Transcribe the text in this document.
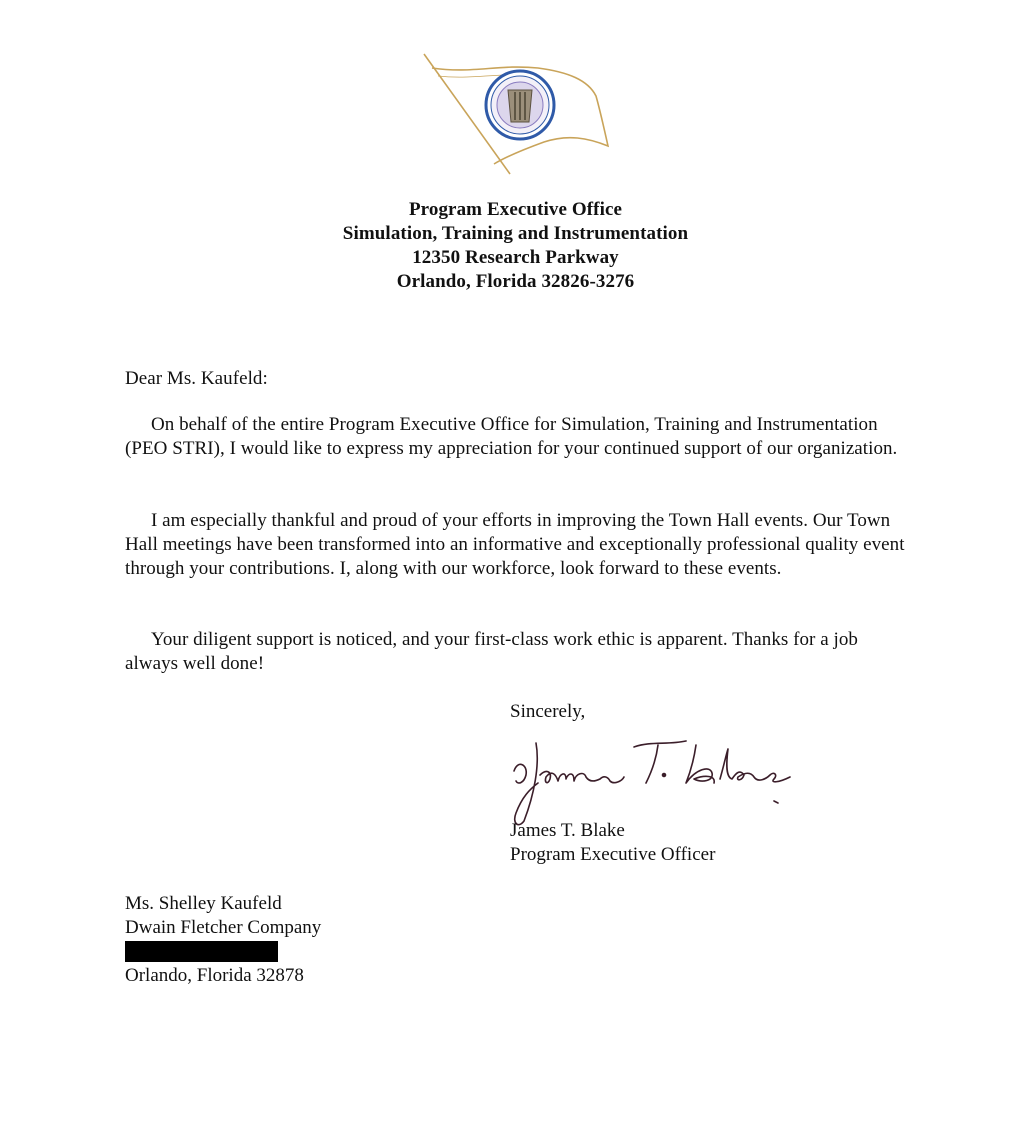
Program Executive Office
Simulation, Training and Instrumentation
12350 Research Parkway
Orlando, Florida 32826-3276
Dear Ms. Kaufeld:

On behalf of the entire Program Executive Office for Simulation, Training and Instrumentation (PEO STRI), I would like to express my appreciation for your continued support of our organization.

I am especially thankful and proud of your efforts in improving the Town Hall events. Our Town Hall meetings have been transformed into an informative and exceptionally professional quality event through your contributions. I, along with our workforce, look forward to these events.

Your diligent support is noticed, and your first-class work ethic is apparent. Thanks for a job always well done!

Sincerely,
James T. Blake
James T. Blake
Program Executive Officer
Ms. Shelley Kaufeld
Dwain Fletcher Company
Orlando, Florida 32878
